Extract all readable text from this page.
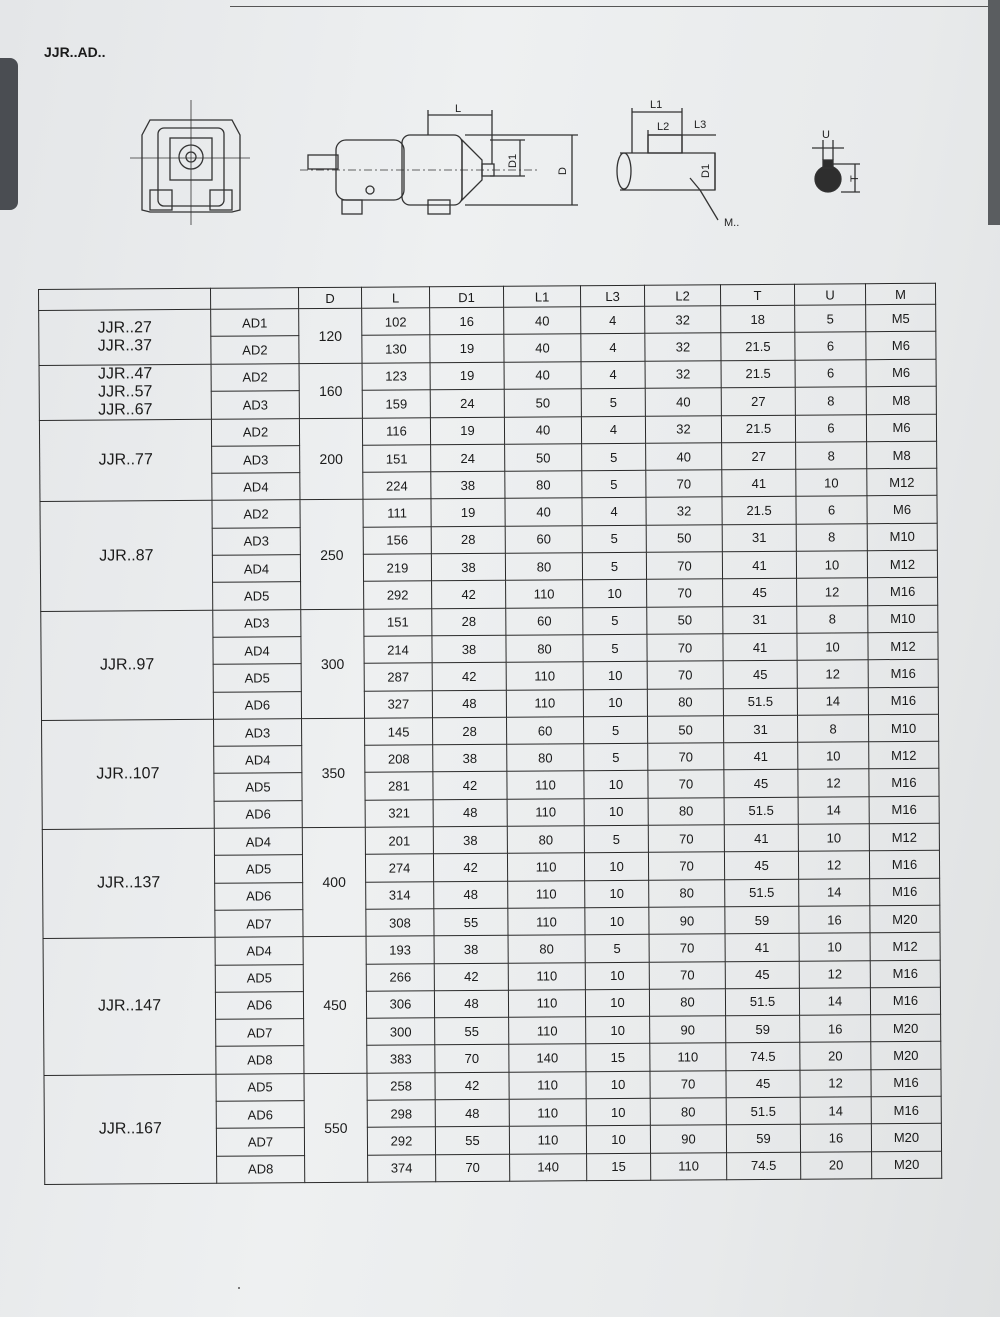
JJR..AD..
L
D1
D
L1
L2 L3
D1
M..
U
T
		D	L	D1	L1	L3	L2	T	U	M

JJR..27
JJR..37	AD1	120	102	16	40	4	32	18	5	M5
	AD2		130	19	40	4	32	21.5	6	M6

JJR..47
JJR..57
JJR..67	AD2	160	123	19	40	4	32	21.5	6	M6
	AD3		159	24	50	5	40	27	8	M8

JJR..77	AD2	200	116	19	40	4	32	21.5	6	M6
	AD3		151	24	50	5	40	27	8	M8
	AD4		224	38	80	5	70	41	10	M12

JJR..87	AD2	250	111	19	40	4	32	21.5	6	M6
	AD3		156	28	60	5	50	31	8	M10
	AD4		219	38	80	5	70	41	10	M12
	AD5		292	42	110	10	70	45	12	M16

JJR..97	AD3	300	151	28	60	5	50	31	8	M10
	AD4		214	38	80	5	70	41	10	M12
	AD5		287	42	110	10	70	45	12	M16
	AD6		327	48	110	10	80	51.5	14	M16

JJR..107	AD3	350	145	28	60	5	50	31	8	M10
	AD4		208	38	80	5	70	41	10	M12
	AD5		281	42	110	10	70	45	12	M16
	AD6		321	48	110	10	80	51.5	14	M16

JJR..137	AD4	400	201	38	80	5	70	41	10	M12
	AD5		274	42	110	10	70	45	12	M16
	AD6		314	48	110	10	80	51.5	14	M16
	AD7		308	55	110	10	90	59	16	M20

JJR..147	AD4	450	193	38	80	5	70	41	10	M12
	AD5		266	42	110	10	70	45	12	M16
	AD6		306	48	110	10	80	51.5	14	M16
	AD7		300	55	110	10	90	59	16	M20
	AD8		383	70	140	15	110	74.5	20	M20

JJR..167	AD5	550	258	42	110	10	70	45	12	M16
	AD6		298	48	110	10	80	51.5	14	M16
	AD7		292	55	110	10	90	59	16	M20
	AD8		374	70	140	15	110	74.5	20	M20
